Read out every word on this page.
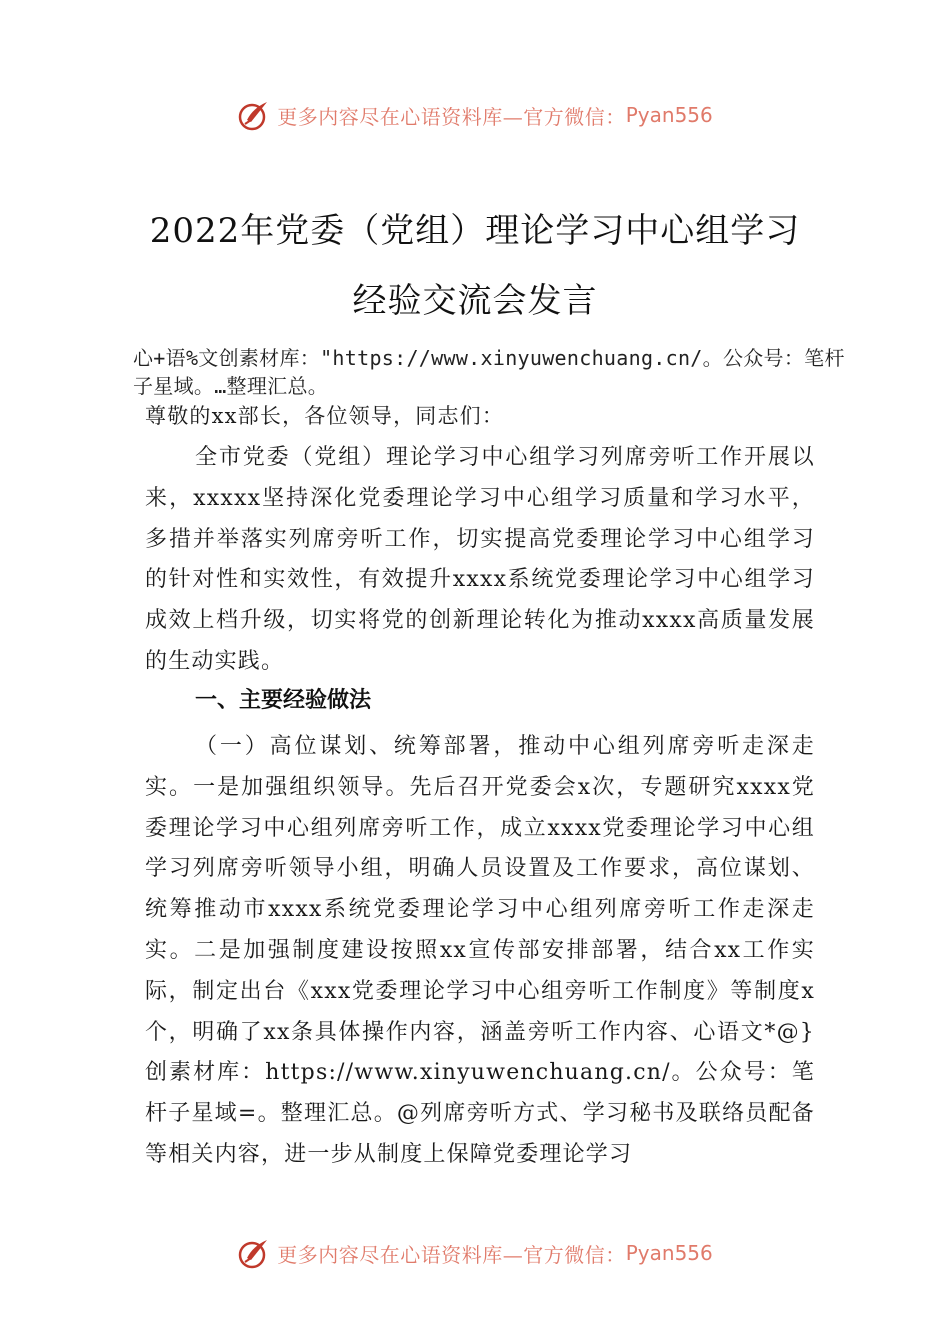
更多内容尽在心语资料库—官方微信： Pyan556
2022年党委（党组）理论学习中心组学习
经验交流会发言
心+语%文创素材库："https://www.xinyuwenchuang.cn/。公众号：笔杆子星域。…整理汇总。
尊敬的xx部长，各位领导，同志们：
全市党委（党组）理论学习中心组学习列席旁听工作开展以来，xxxxx坚持深化党委理论学习中心组学习质量和学习水平，多措并举落实列席旁听工作，切实提高党委理论学习中心组学习的针对性和实效性，有效提升xxxx系统党委理论学习中心组学习成效上档升级，切实将党的创新理论转化为推动xxxx高质量发展的生动实践。
一、主要经验做法
（一）高位谋划、统筹部署，推动中心组列席旁听走深走实。一是加强组织领导。先后召开党委会x次，专题研究xxxx党委理论学习中心组列席旁听工作，成立xxxx党委理论学习中心组学习列席旁听领导小组，明确人员设置及工作要求，高位谋划、统筹推动市xxxx系统党委理论学习中心组列席旁听工作走深走实。二是加强制度建设按照xx宣传部安排部署，结合xx工作实际，制定出台《xxx党委理论学习中心组旁听工作制度》等制度x个，明确了xx条具体操作内容，涵盖旁听工作内容、心语文*@}创素材库：https://www.xinyuwenchuang.cn/。公众号：笔杆子星域=。整理汇总。@列席旁听方式、学习秘书及联络员配备等相关内容，进一步从制度上保障党委理论学习
更多内容尽在心语资料库—官方微信： Pyan556
